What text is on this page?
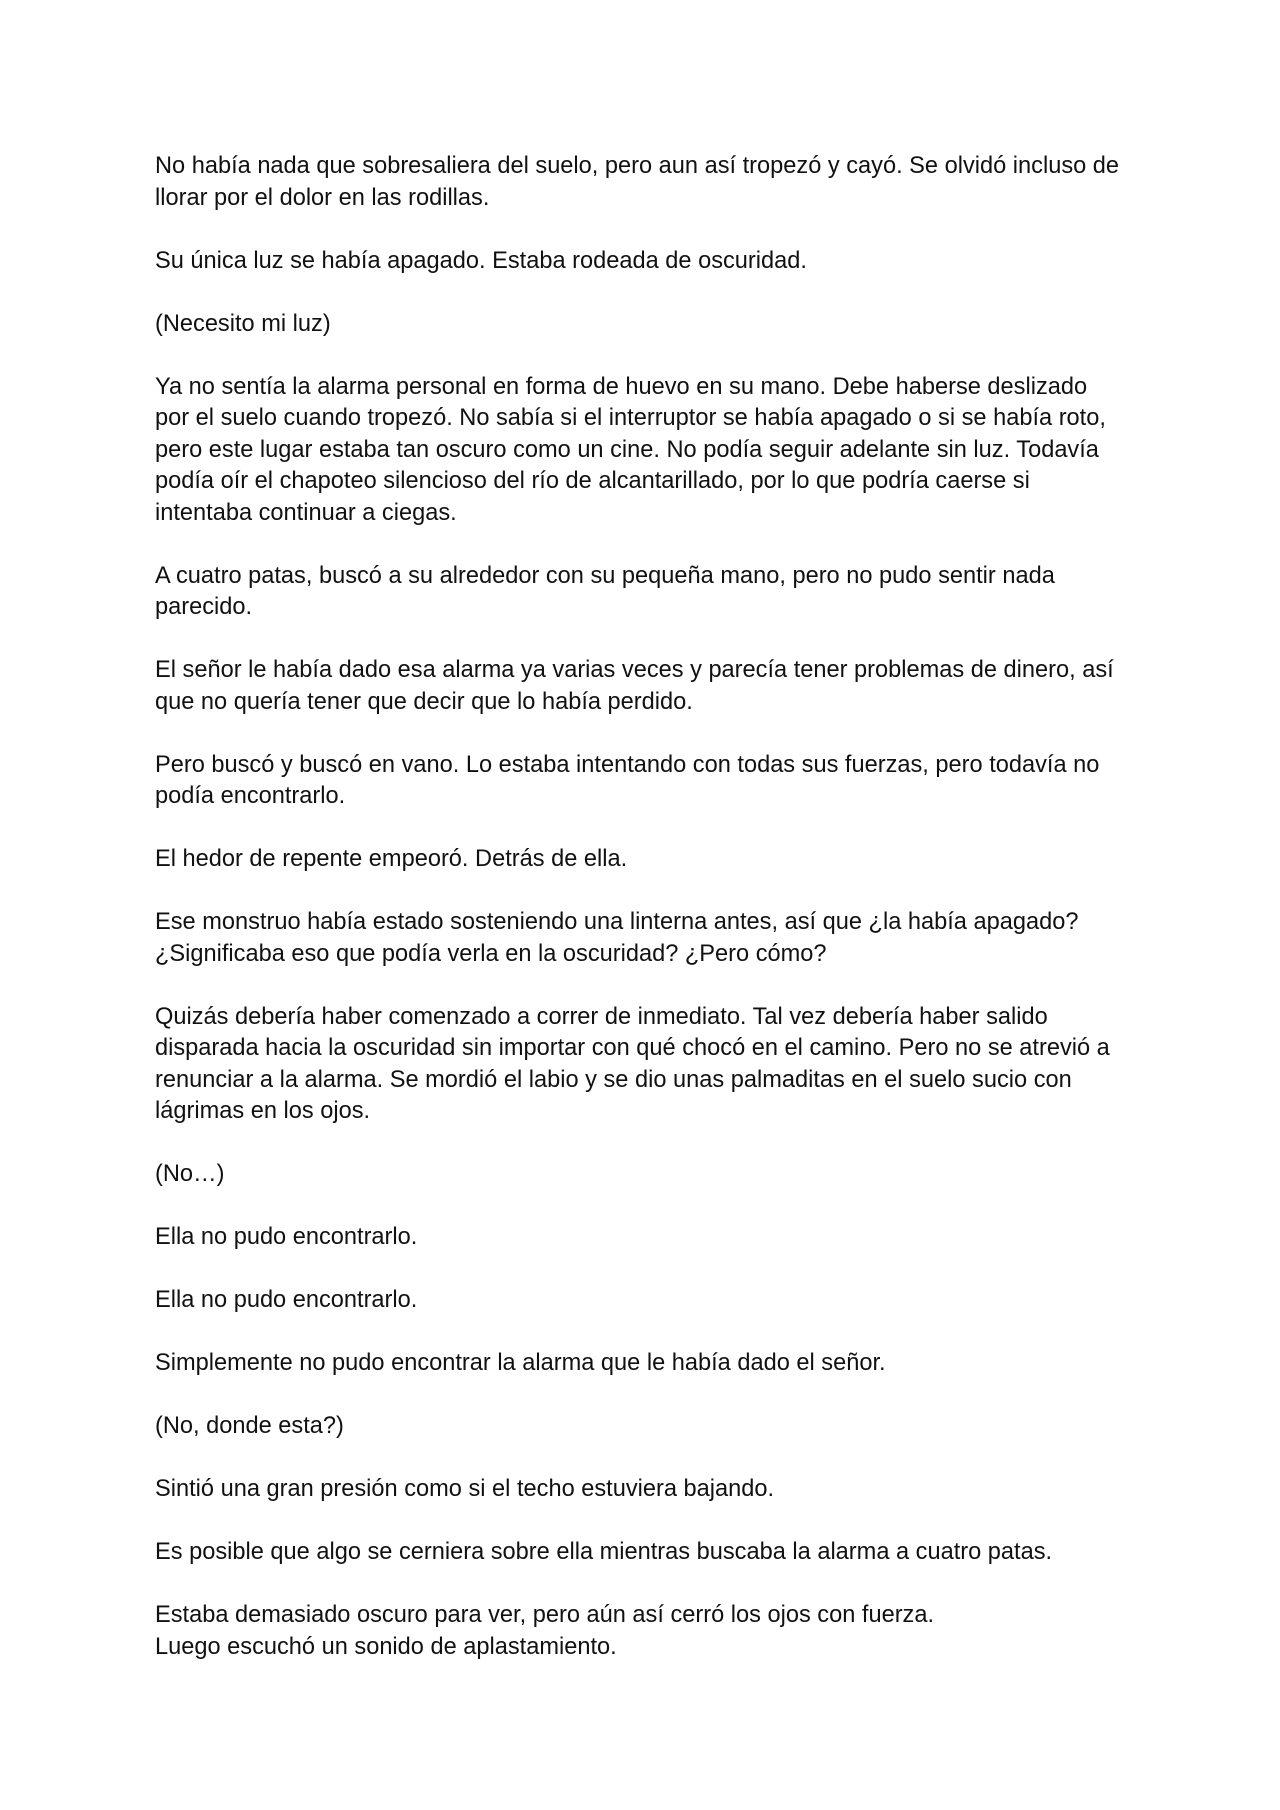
No había nada que sobresaliera del suelo, pero aun así tropezó y cayó. Se olvidó incluso de
llorar por el dolor en las rodillas.

Su única luz se había apagado. Estaba rodeada de oscuridad.

(Necesito mi luz)

Ya no sentía la alarma personal en forma de huevo en su mano. Debe haberse deslizado
por el suelo cuando tropezó. No sabía si el interruptor se había apagado o si se había roto,
pero este lugar estaba tan oscuro como un cine. No podía seguir adelante sin luz. Todavía
podía oír el chapoteo silencioso del río de alcantarillado, por lo que podría caerse si
intentaba continuar a ciegas.

A cuatro patas, buscó a su alrededor con su pequeña mano, pero no pudo sentir nada
parecido.

El señor le había dado esa alarma ya varias veces y parecía tener problemas de dinero, así
que no quería tener que decir que lo había perdido.

Pero buscó y buscó en vano. Lo estaba intentando con todas sus fuerzas, pero todavía no
podía encontrarlo.

El hedor de repente empeoró. Detrás de ella.

Ese monstruo había estado sosteniendo una linterna antes, así que ¿la había apagado?
¿Significaba eso que podía verla en la oscuridad? ¿Pero cómo?

Quizás debería haber comenzado a correr de inmediato. Tal vez debería haber salido
disparada hacia la oscuridad sin importar con qué chocó en el camino. Pero no se atrevió a
renunciar a la alarma. Se mordió el labio y se dio unas palmaditas en el suelo sucio con
lágrimas en los ojos.

(No…)

Ella no pudo encontrarlo.

Ella no pudo encontrarlo.

Simplemente no pudo encontrar la alarma que le había dado el señor.

(No, donde esta?)

Sintió una gran presión como si el techo estuviera bajando.

Es posible que algo se cerniera sobre ella mientras buscaba la alarma a cuatro patas.

Estaba demasiado oscuro para ver, pero aún así cerró los ojos con fuerza.
Luego escuchó un sonido de aplastamiento.
